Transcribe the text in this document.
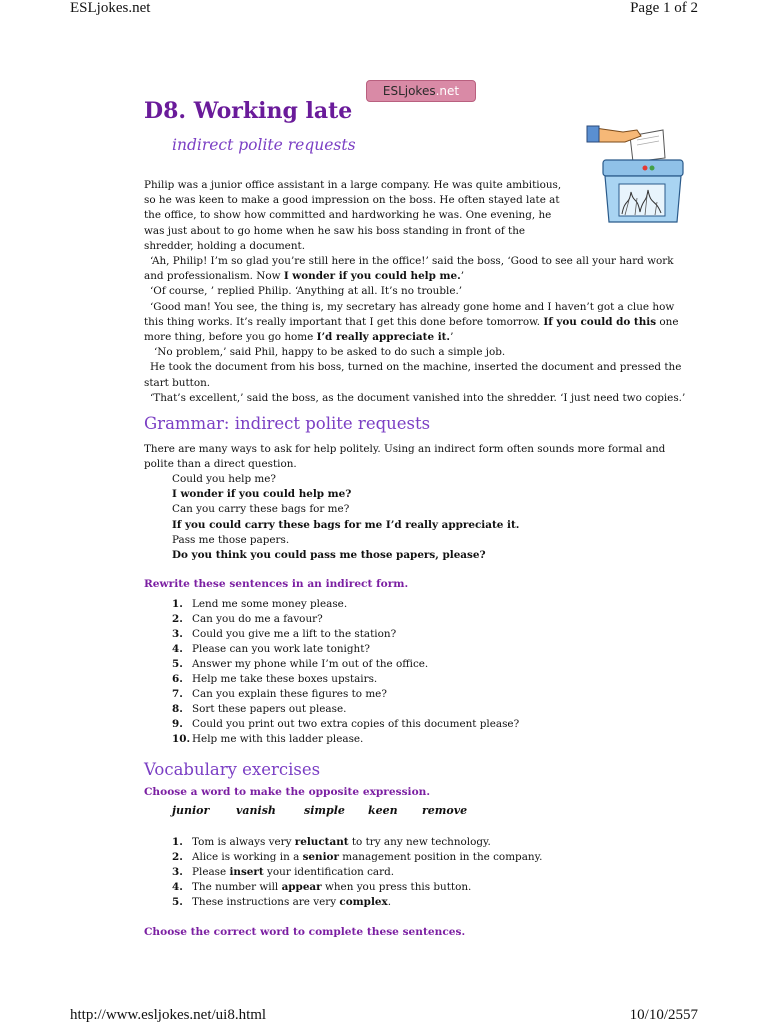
ESLjokes.net	Page 1 of 2
ESLjokes.net
D8. Working late
indirect polite requests

Philip was a junior office assistant in a large company. He was quite ambitious, so he was keen to make a good impression on the boss. He often stayed late at the office, to show how committed and hardworking he was. One evening, he was just about to go home when he saw his boss standing in front of the shredder, holding a document.

‘Ah, Philip! I’m so glad you’re still here in the office!’ said the boss, ‘Good to see all your hard work and professionalism. Now I wonder if you could help me.’

‘Of course, ’ replied Philip. ‘Anything at all. It’s no trouble.’

‘Good man! You see, the thing is, my secretary has already gone home and I haven’t got a clue how this thing works. It’s really important that I get this done before tomorrow. If you could do this one more thing, before you go home I’d really appreciate it.’

‘No problem,’ said Phil, happy to be asked to do such a simple job.

He took the document from his boss, turned on the machine, inserted the document and pressed the start button.

‘That’s excellent,’ said the boss, as the document vanished into the shredder. ‘I just need two copies.’

Grammar: indirect polite requests
There are many ways to ask for help politely. Using an indirect form often sounds more formal and polite than a direct question.
Could you help me?
I wonder if you could help me?
Can you carry these bags for me?
If you could carry these bags for me I’d really appreciate it.
Pass me those papers.
Do you think you could pass me those papers, please?
Rewrite these sentences in an indirect form.
1. Lend me some money please.
2. Can you do me a favour?
3. Could you give me a lift to the station?
4. Please can you work late tonight?
5. Answer my phone while I’m out of the office.
6. Help me take these boxes upstairs.
7. Can you explain these figures to me?
8. Sort these papers out please.
9. Could you print out two extra copies of this document please?
10. Help me with this ladder please.
Vocabulary exercises
Choose a word to make the opposite expression.
junior	vanish	simple	keen	remove
1. Tom is always very reluctant to try any new technology.
2. Alice is working in a senior management position in the company.
3. Please insert your identification card.
4. The number will appear when you press this button.
5. These instructions are very complex.
Choose the correct word to complete these sentences.
http://www.esljokes.net/ui8.html	10/10/2557
